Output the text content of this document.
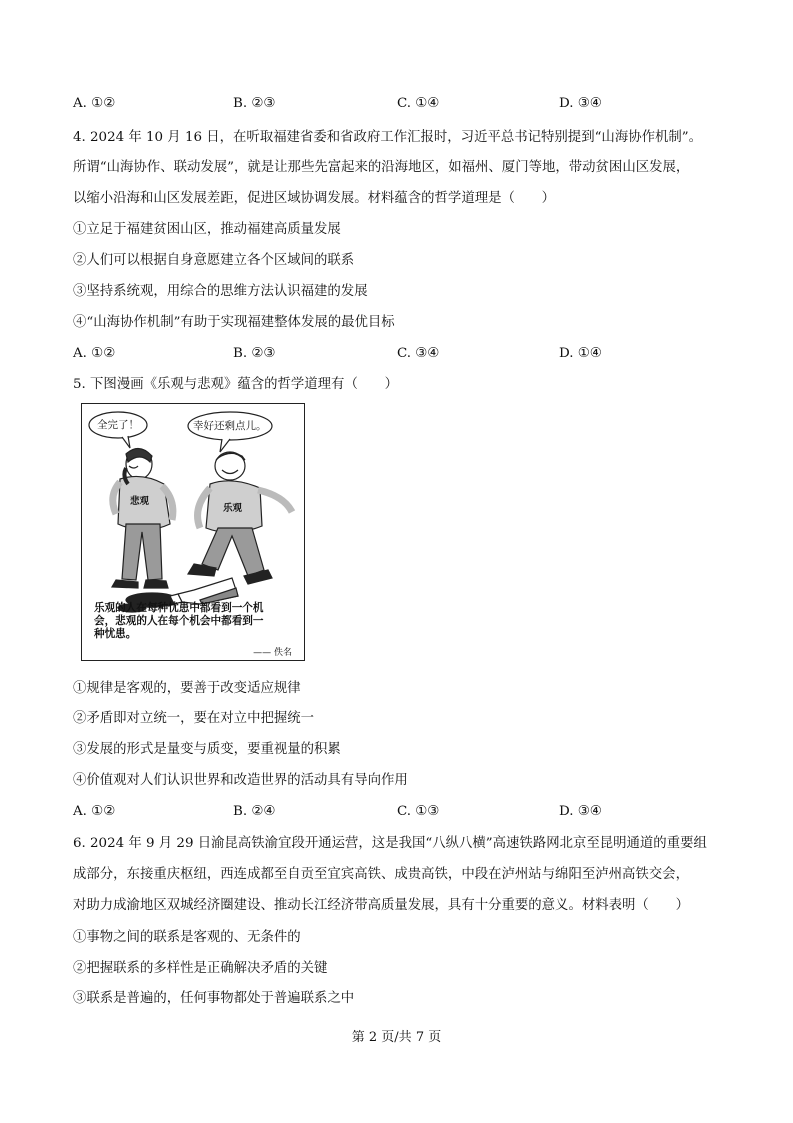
A. ①②	B. ②③	C. ①④	D. ③④
4. 2024 年 10 月 16 日，在听取福建省委和省政府工作汇报时，习近平总书记特别提到“山海协作机制”。
所谓“山海协作、联动发展”，就是让那些先富起来的沿海地区，如福州、厦门等地，带动贫困山区发展，
以缩小沿海和山区发展差距，促进区域协调发展。材料蕴含的哲学道理是（　　）
①立足于福建贫困山区，推动福建高质量发展
②人们可以根据自身意愿建立各个区域间的联系
③坚持系统观，用综合的思维方法认识福建的发展
④“山海协作机制”有助于实现福建整体发展的最优目标
A. ①②	B. ②③	C. ③④	D. ①④
5. 下图漫画《乐观与悲观》蕴含的哲学道理有（　　）
全完了！	幸好还剩点儿。
悲观
乐观
乐观的人在每种忧患中都看到一个机
会，悲观的人在每个机会中都看到一
种忧患。
—— 佚名
①规律是客观的，要善于改变适应规律
②矛盾即对立统一，要在对立中把握统一
③发展的形式是量变与质变，要重视量的积累
④价值观对人们认识世界和改造世界的活动具有导向作用
A. ①②	B. ②④	C. ①③	D. ③④
6. 2024 年 9 月 29 日渝昆高铁渝宜段开通运营，这是我国“八纵八横”高速铁路网北京至昆明通道的重要组
成部分，东接重庆枢纽，西连成都至自贡至宜宾高铁、成贵高铁，中段在泸州站与绵阳至泸州高铁交会，
对助力成渝地区双城经济圈建设、推动长江经济带高质量发展，具有十分重要的意义。材料表明（　　）
①事物之间的联系是客观的、无条件的
②把握联系的多样性是正确解决矛盾的关键
③联系是普遍的，任何事物都处于普遍联系之中
第 2 页/共 7 页
